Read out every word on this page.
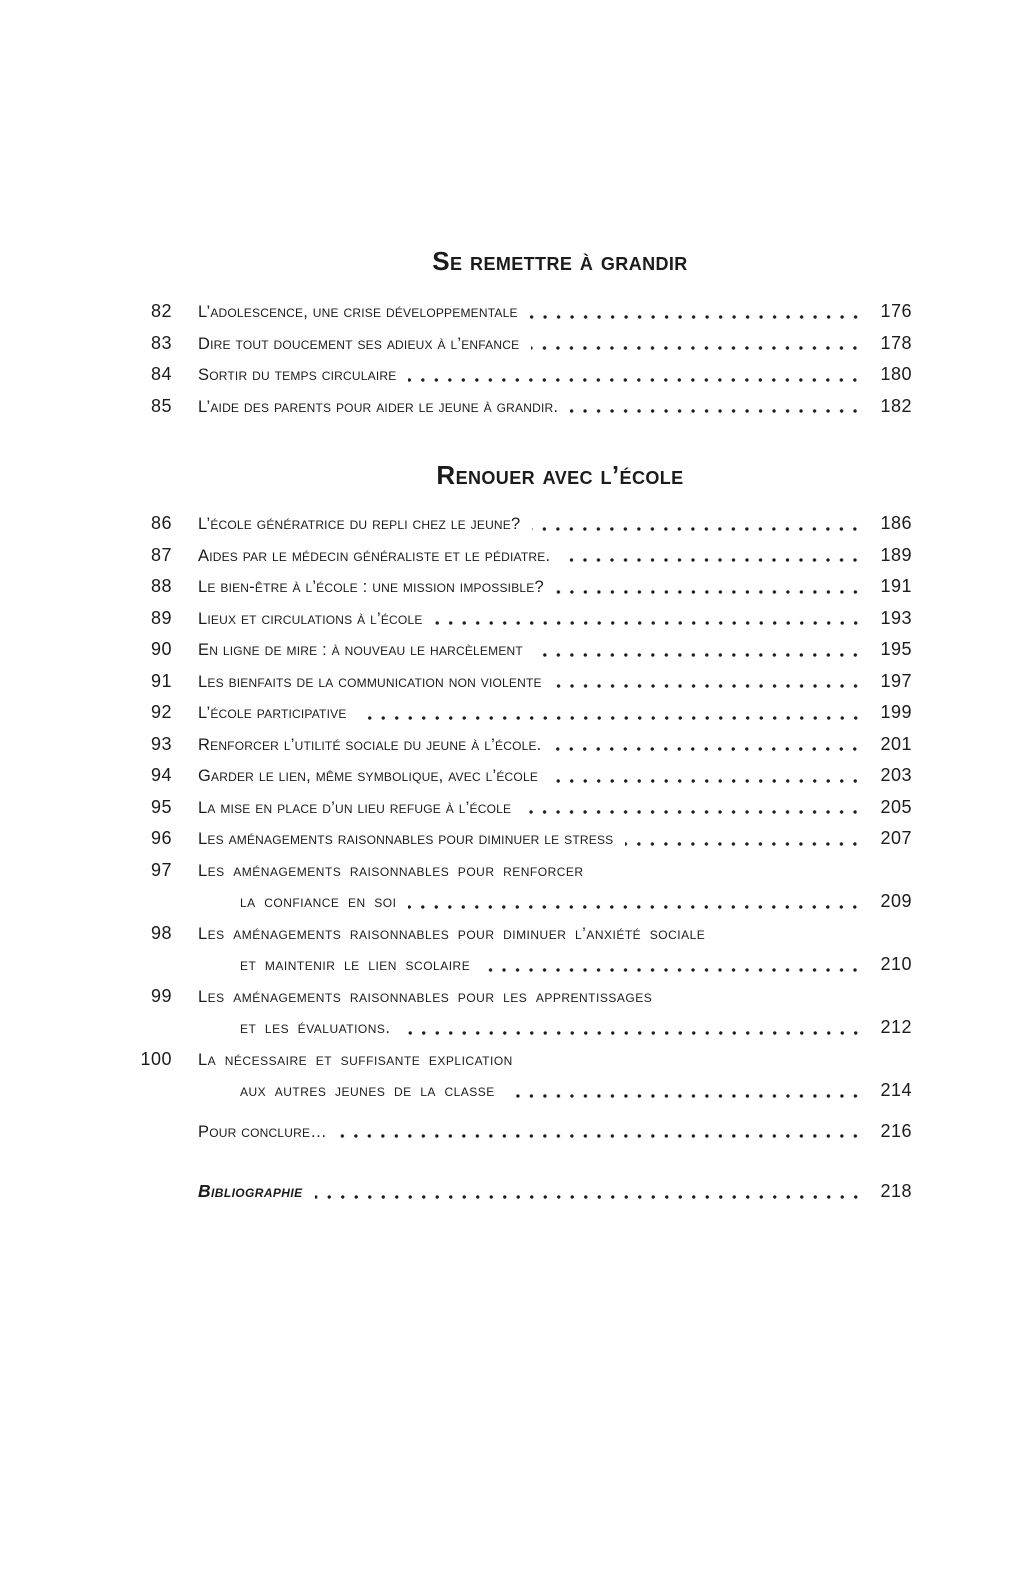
Se remettre à grandir
82 L’adolescence, une crise développementale	176
83 Dire tout doucement ses adieux à l’enfance	178
84 Sortir du temps circulaire	180
85 L’aide des parents pour aider le jeune à grandir.	182
Renouer avec l’école
86 L’école génératrice du repli chez le jeune?	186
87 Aides par le médecin généraliste et le pédiatre.	189
88 Le bien-être à l’école : une mission impossible?	191
89 Lieux et circulations à l’école	193
90 En ligne de mire : à nouveau le harcèlement	195
91 Les bienfaits de la communication non violente	197
92 L’école participative	199
93 Renforcer l’utilité sociale du jeune à l’école.	201
94 Garder le lien, même symbolique, avec l’école	203
95 La mise en place d’un lieu refuge à l’école	205
96 Les aménagements raisonnables pour diminuer le stress	207
97 Les aménagements raisonnables pour renforcer
la confiance en soi	209
98 Les aménagements raisonnables pour diminuer l’anxiété sociale
et maintenir le lien scolaire	210
99 Les aménagements raisonnables pour les apprentissages
et les évaluations.	212
100 La nécessaire et suffisante explication
aux autres jeunes de la classe	214
Pour conclure…	216
Bibliographie	218
